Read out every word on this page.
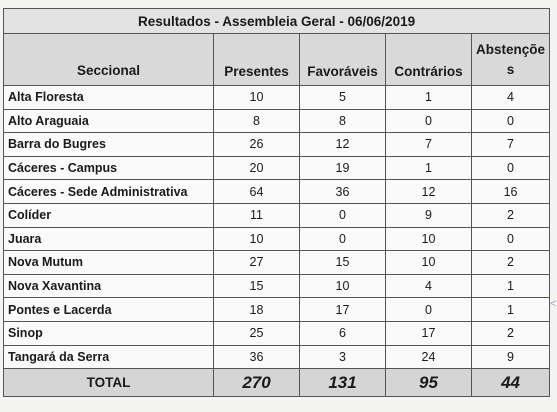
Resultados - Assembleia Geral - 06/06/2019				
Seccional	Presentes	Favoráveis	Contrários	Abstençõe
s
Alta Floresta	10	5	1	4
Alto Araguaia	8	8	0	0
Barra do Bugres	26	12	7	7
Cáceres - Campus	20	19	1	0
Cáceres - Sede Administrativa	64	36	12	16
Colíder	11	0	9	2
Juara	10	0	10	0
Nova Mutum	27	15	10	2
Nova Xavantina	15	10	4	1
Pontes e Lacerda	18	17	0	1
Sinop	25	6	17	2
Tangará da Serra	36	3	24	9
TOTAL	270	131	95	44
<
